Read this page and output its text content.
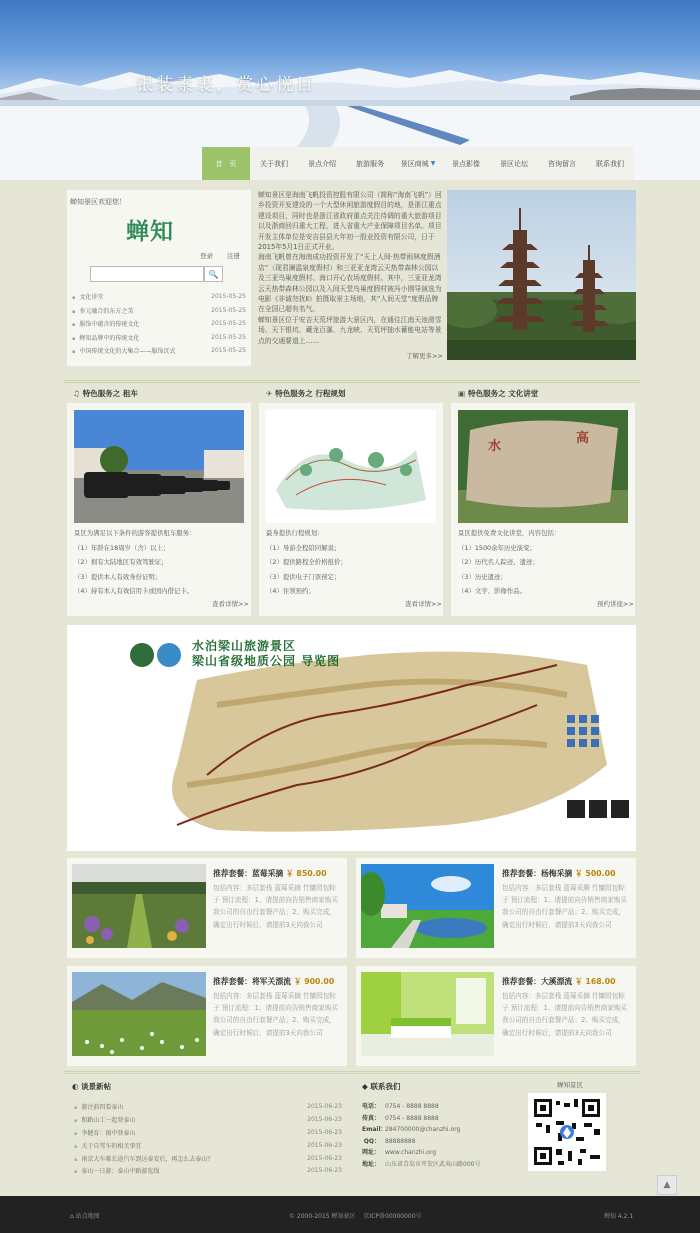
银装素裹，赏心悦目
首　页	关于我们	景点介绍	旅游服务 景区商城 ▼ 景点影像	景区论坛	咨询留言	联系我们
蝉知景区欢迎您！
蝉知
登录 注册
🔍
▪ 文化讲堂	2015-05-25
▪ 多元融合的东方之美	2015-05-25
▪ 服饰中蕴含的传统文化	2015-05-25
▪ 蝉知品牌中的传统文化	2015-05-25
▪ 中国传统文化的大集合——服饰沉式	2015-05-25

蝉知景区是海南飞帆投资控股有限公司（简称“海南飞帆”）回乡投资开发建设的一个大型休闲旅游度假目的地，是浙江重点建设项目，同时也是浙江省政府重点关注待调的重大旅游项目以及浙商回归重大工程，进入省重大产业保障项目名单。项目开发主体单位是安吉县县大年初一股业投资有限公司，日于2015年5月1日正式开业。

海南飞帆曾在海南成功投资开发了“天上人间·热带雨林度假酒店”（现君澜温泉度假村）和三亚亚龙湾云天热带森林公园以及三亚鸟巢度假村、海口开心农场度假村。其中，三亚亚龙湾云天热带森林公园以及入间天堂鸟巢度假村被冯小刚导演选为电影《非诚勿扰Ⅱ》拍摄取景主场地，其“人间天堂”度假品牌在全国已超有名气。

蝉知景区位于安吉天荒坪旅游大景区内，在通往江南天池滑雪场、天下银坑、藏龙百瀑、九龙峡、天荒坪抽水蓄能电站等景点的交通要道上……

了解更多>>
♫ 特色服务之 租车	✈ 特色服务之 行程规划	▣ 特色服务之 文化讲堂
水
高
景区为满足以下条件的游客提供租车服务：
（1）年龄在18周岁（含）以上；
（2）拥有大陆地区有效驾驶证；
（3）提供本人有效身份证明；
（4）持有本人有效信用卡或国内借记卡。
最身提供行程规划：
（1）导游全程陪同解说；
（2）提供路程全价格报价；
（3）提供电子门票预定；
（4）住领预约；
景区提供免费文化讲堂，内容包括：
（1）1500余年历史演变；
（2）历代名人踪迹、遗迹；
（3）历史遗迹；
（4）文学、影像作品。
查看详情>>	查看详情>>	预约讲座>>
水泊梁山旅游景区
梁山省级地质公园 导览图
推荐套餐：蓝莓采摘 ￥ 850.00	推荐套餐：杨梅采摘 ￥ 500.00
推荐套餐：将军关漂流 ￥ 900.00	推荐套餐：大溪漂流 ￥ 168.00
包括内容：多层套栈 蓝莓采摘 竹慵园包粽子 预订流程：1、请提前向告销售商家购买我公司的自由行套餐产品；2、购买完成，确定出行时候后，请提前3天向我公司
包括内容：多层套栈 蓝莓采腾 竹慵园包粽子 预订流程：1、请提前向告销售商家购买我公司的自由行套餐产品；2、购买完成，确定出行时候后，请提前3天向我公司
包括内容：多层套栈 蓝莓采摘 竹慵园包粽子 预订流程：1、请提前向告销售商家购买我公司的自由行套餐产品；2、购买完成，确定出行时候后，请提前3天向我公司
包括内容：多层套栈 蓝莓采摘 竹慵园包粽子 预订流程：1、请提前向告销售商家购买我公司的自由行套餐产品；2、购买完成，确定出行时候后，请提前3天向我公司
◐ 谈景新帖
▪ 游注前四看泰山	2015-06-23
▪ 和路山工一起登泰山	2015-06-23
▪ 李健育：雨中登泰山	2015-06-23
▪ 关于自驾车的相关事宜	2015-06-23
▪ 南京大车难长途汽车到达泰安后，再怎么去泰山？	2015-06-23
▪ 泰山一日游：泰山中路游览线	2015-06-23
◆ 联系我们
电话： 0754 - 8888 8888
传真： 0754 - 8888 8888
Email：284700000@chanzhi.org
QQ： 88888888
网址： www.chanzhi.org
地址： 山东省青岛市开发区武夷山路000号
蝉知景区
▲
⌂ 站点地图	© 2000-2015 蝉知景区　 京ICP备00000000号	蝉知 4.2.1
